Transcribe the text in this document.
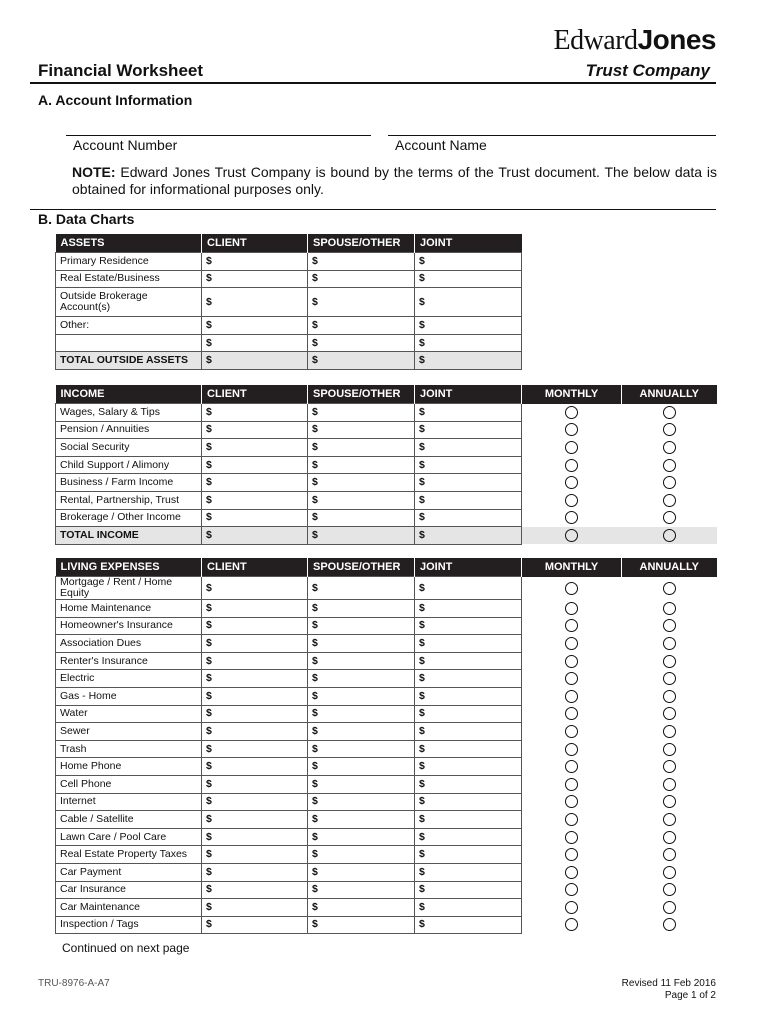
EdwardJones
Financial Worksheet	Trust Company
A. Account Information
Account Number	Account Name
NOTE: Edward Jones Trust Company is bound by the terms of the Trust document. The below data is obtained for informational purposes only.
B. Data Charts
ASSETS	CLIENT	SPOUSE/OTHER	JOINT
Primary Residence	$	$	$
Real Estate/Business	$	$	$
Outside Brokerage Account(s)	$	$	$
Other:	$	$	$
	$	$	$
TOTAL OUTSIDE ASSETS	$	$	$
INCOME	CLIENT	SPOUSE/OTHER	JOINT	MONTHLY	ANNUALLY
Wages, Salary & Tips	$	$	$		
Pension / Annuities	$	$	$		
Social Security	$	$	$		
Child Support / Alimony	$	$	$		
Business / Farm Income	$	$	$		
Rental, Partnership, Trust	$	$	$		
Brokerage / Other Income	$	$	$		
TOTAL INCOME	$	$	$		
LIVING EXPENSES	CLIENT	SPOUSE/OTHER	JOINT	MONTHLY	ANNUALLY
Mortgage / Rent / Home Equity	$	$	$		
Home Maintenance	$	$	$		
Homeowner's Insurance	$	$	$		
Association Dues	$	$	$		
Renter's Insurance	$	$	$		
Electric	$	$	$		
Gas - Home	$	$	$		
Water	$	$	$		
Sewer	$	$	$		
Trash	$	$	$		
Home Phone	$	$	$		
Cell Phone	$	$	$		
Internet	$	$	$		
Cable / Satellite	$	$	$		
Lawn Care / Pool Care	$	$	$		
Real Estate Property Taxes	$	$	$		
Car Payment	$	$	$		
Car Insurance	$	$	$		
Car Maintenance	$	$	$		
Inspection / Tags	$	$	$		
Continued on next page
TRU-8976-A-A7	Revised 11 Feb 2016
Page 1 of 2
